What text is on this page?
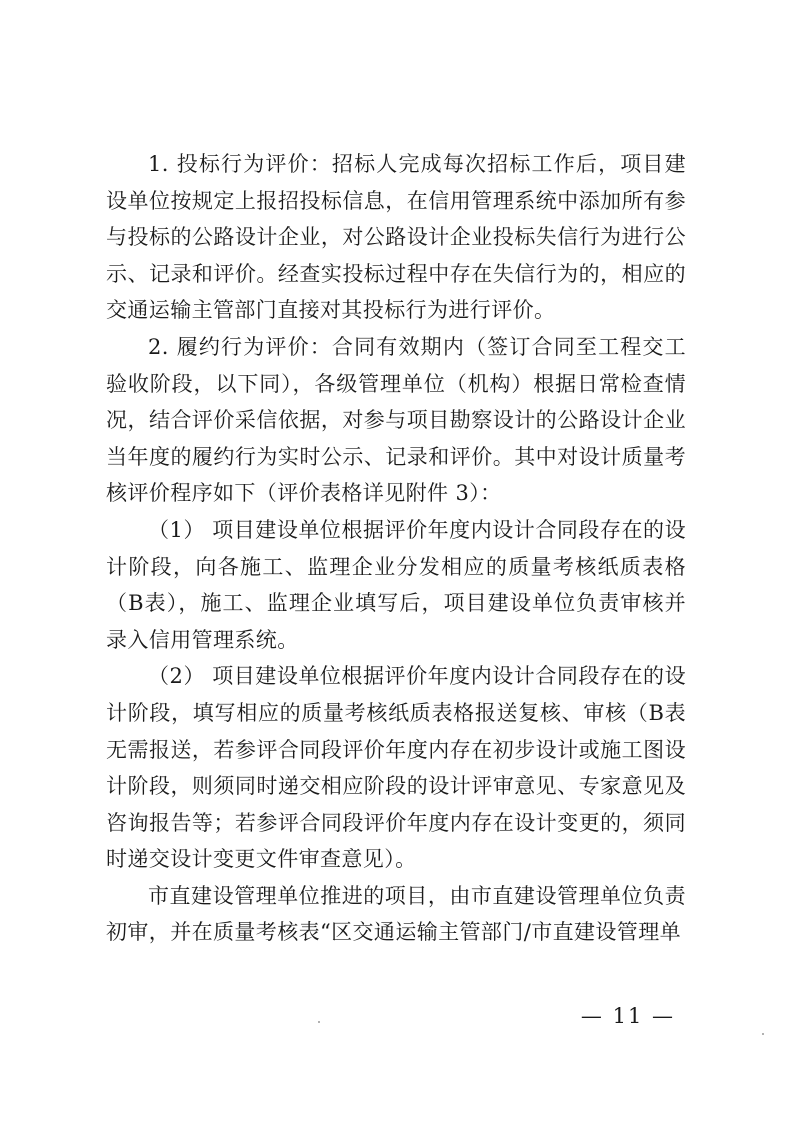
1. 投标行为评价：招标人完成每次招标工作后，项目建设单位按规定上报招投标信息，在信用管理系统中添加所有参与投标的公路设计企业，对公路设计企业投标失信行为进行公示、记录和评价。经查实投标过程中存在失信行为的，相应的交通运输主管部门直接对其投标行为进行评价。

2. 履约行为评价：合同有效期内（签订合同至工程交工验收阶段，以下同），各级管理单位（机构）根据日常检查情况，结合评价采信依据，对参与项目勘察设计的公路设计企业当年度的履约行为实时公示、记录和评价。其中对设计质量考核评价程序如下（评价表格详见附件 3）：

（1） 项目建设单位根据评价年度内设计合同段存在的设计阶段，向各施工、监理企业分发相应的质量考核纸质表格（B表），施工、监理企业填写后，项目建设单位负责审核并录入信用管理系统。

（2） 项目建设单位根据评价年度内设计合同段存在的设计阶段，填写相应的质量考核纸质表格报送复核、审核（B表无需报送，若参评合同段评价年度内存在初步设计或施工图设计阶段，则须同时递交相应阶段的设计评审意见、专家意见及咨询报告等；若参评合同段评价年度内存在设计变更的，须同时递交设计变更文件审查意见）。

市直建设管理单位推进的项目，由市直建设管理单位负责初审，并在质量考核表“区交通运输主管部门/市直建设管理单

— 11 —
